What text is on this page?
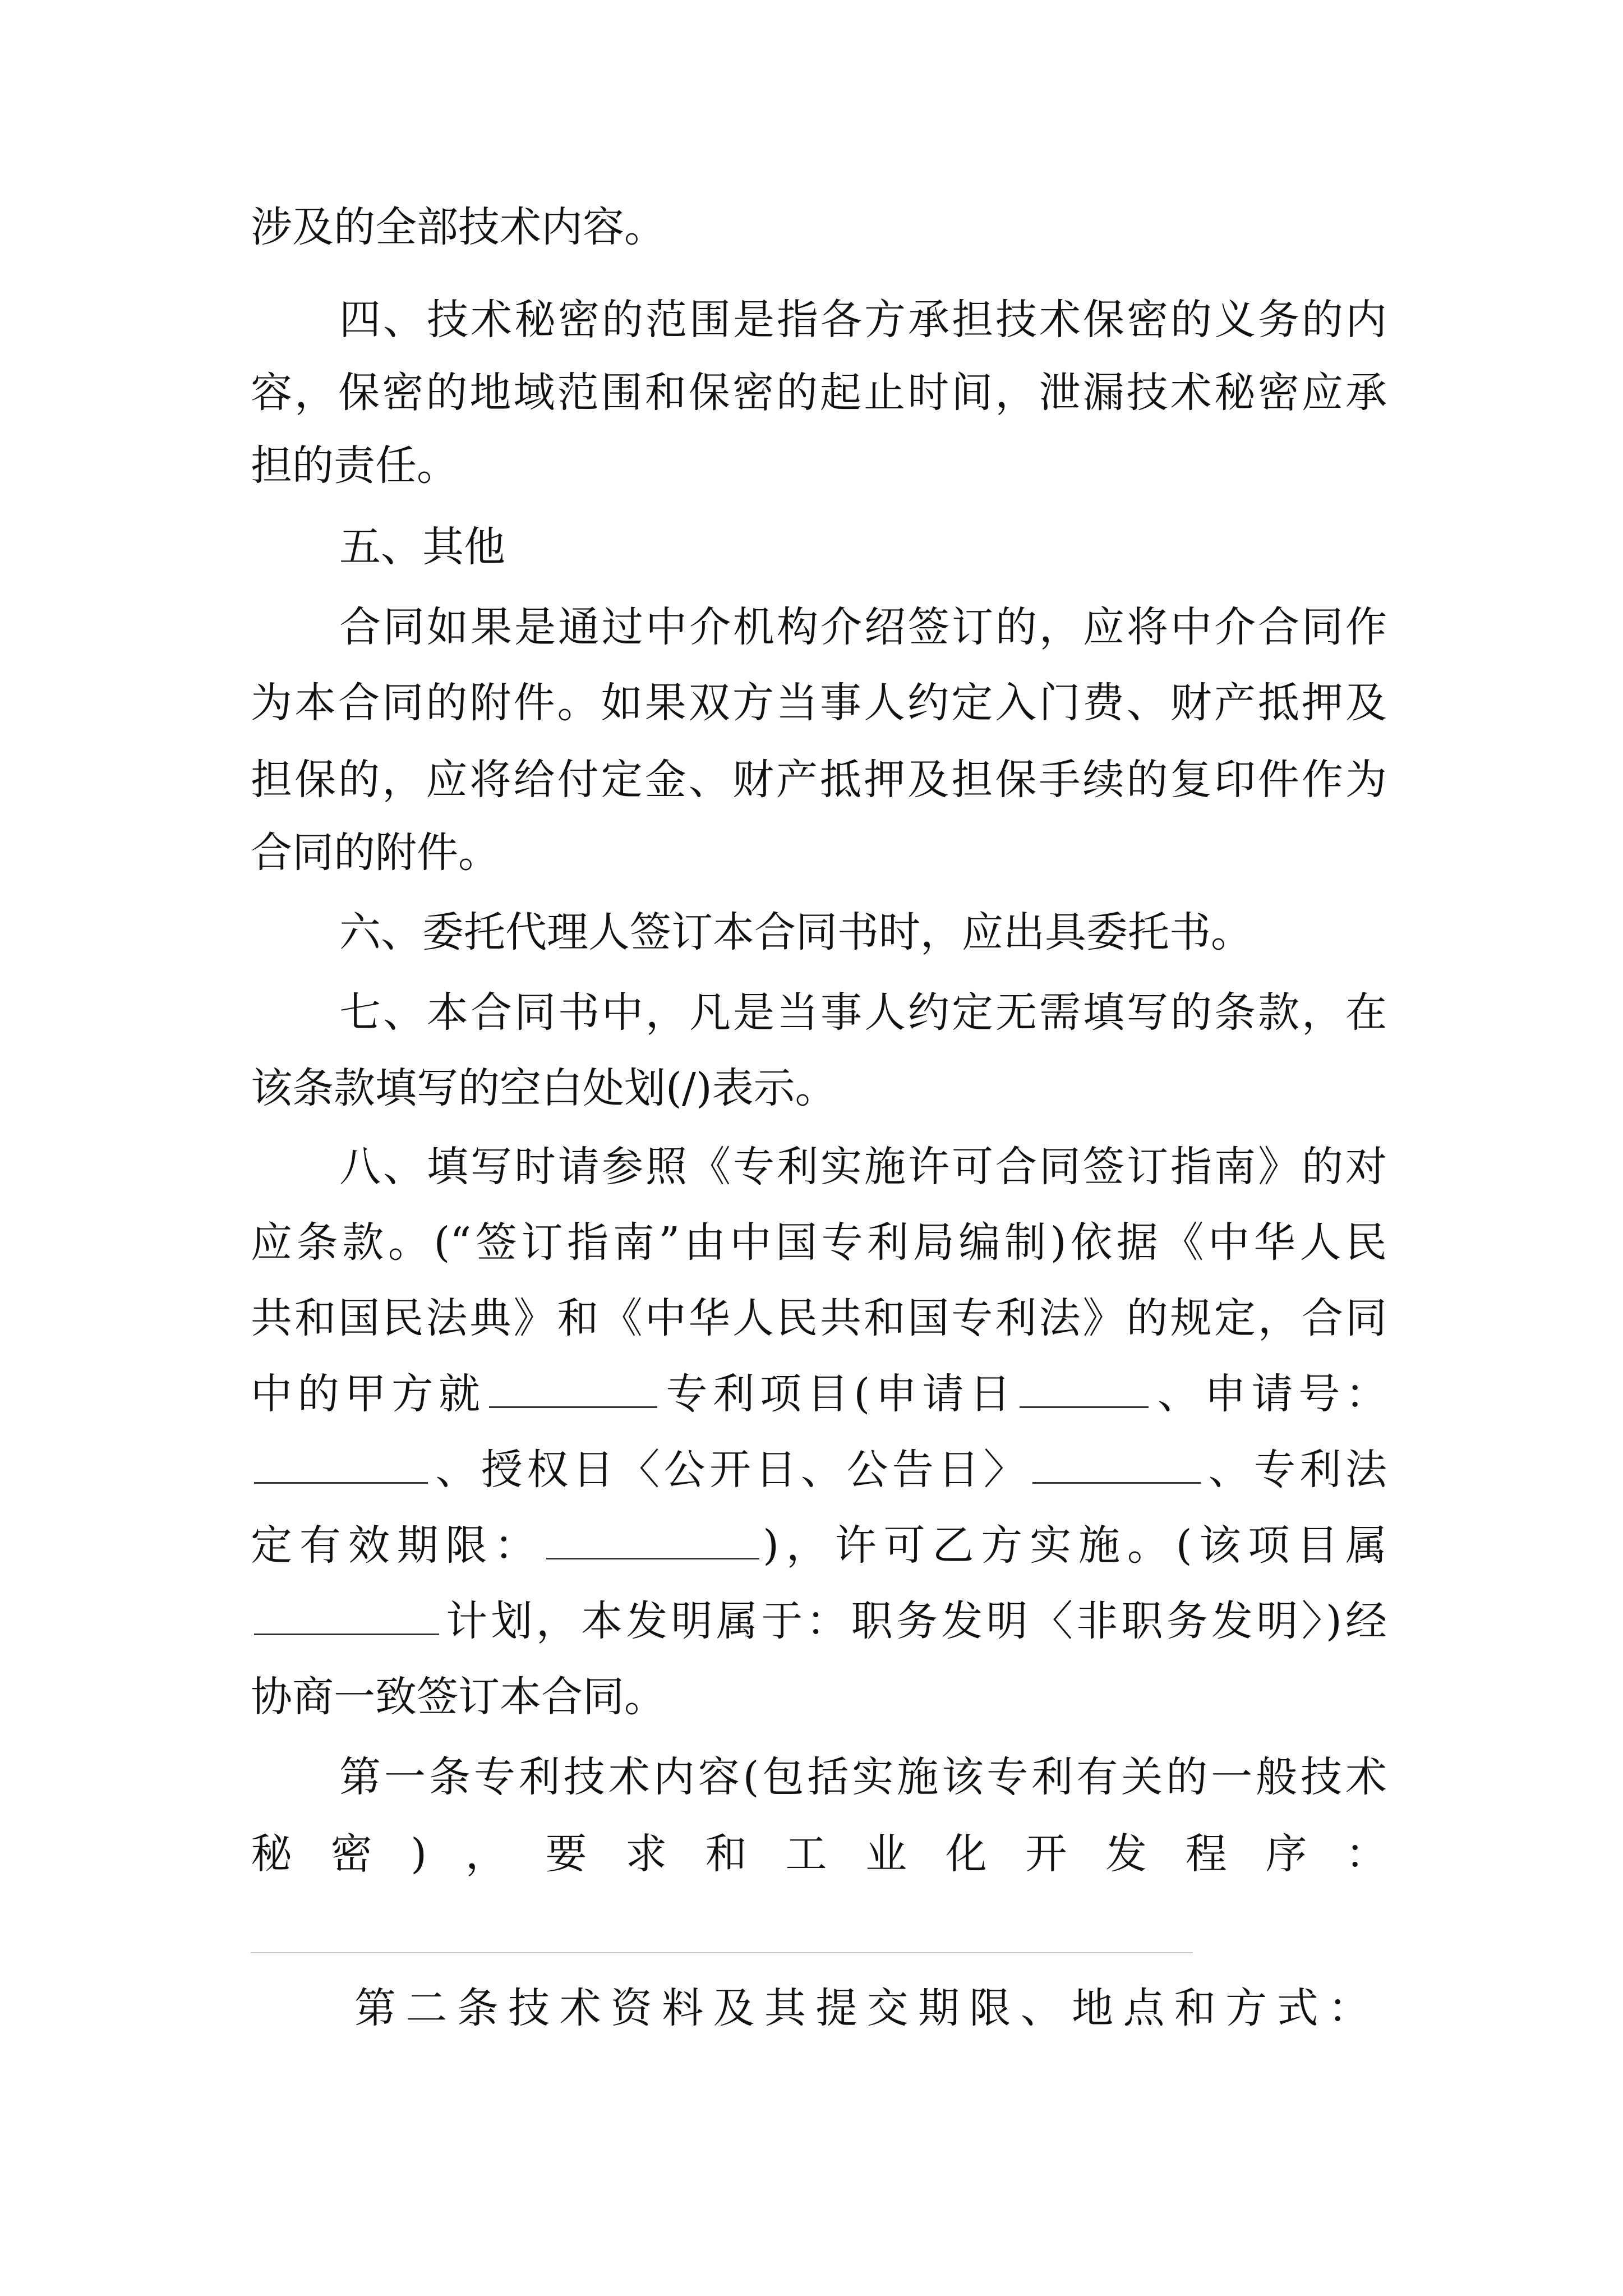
涉及的全部技术内容。
四、技术秘密的范围是指各方承担技术保密的义务的内
容，保密的地域范围和保密的起止时间，泄漏技术秘密应承
担的责任。
五、其他
合同如果是通过中介机构介绍签订的，应将中介合同作
为本合同的附件。如果双方当事人约定入门费、财产抵押及
担保的，应将给付定金、财产抵押及担保手续的复印件作为
合同的附件。
六、委托代理人签订本合同书时，应出具委托书。
七、本合同书中，凡是当事人约定无需填写的条款，在
该条款填写的空白处划(/)表示。
八、填写时请参照《专利实施许可合同签订指南》的对
应条款。(“签订指南”由中国专利局编制)依据《中华人民
共和国民法典》和《中华人民共和国专利法》的规定，合同
中的甲方就	专利项目(申请日	、申请号：
、授权日〈公开日、公告日〉	、专利法
定有效期限：	)，许可乙方实施。(该项目属
计划，本发明属于：职务发明〈非职务发明〉)经
协商一致签订本合同。
第一条专利技术内容(包括实施该专利有关的一般技术
秘密)，要求和工业化开发程序：
第二条技术资料及其提交期限、地点和方式：
